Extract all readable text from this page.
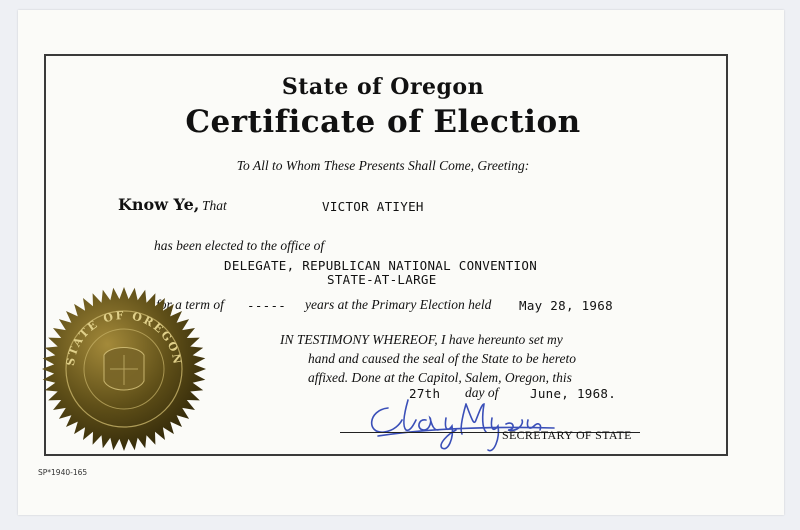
State of Oregon
Certificate of Election
To All to Whom These Presents Shall Come, Greeting:
Know Ye, That	VICTOR ATIYEH
has been elected to the office of
DELEGATE, REPUBLICAN NATIONAL CONVENTION
STATE-AT-LARGE
for a term of ----- years at the Primary Election held May 28, 1968
IN TESTIMONY WHEREOF, I have hereunto set my
hand and caused the seal of the State to be hereto
affixed. Done at the Capitol, Salem, Oregon, this
27th day of	June, 1968.
SECRETARY OF STATE
STATE OF OREGON
SP*1940-165
